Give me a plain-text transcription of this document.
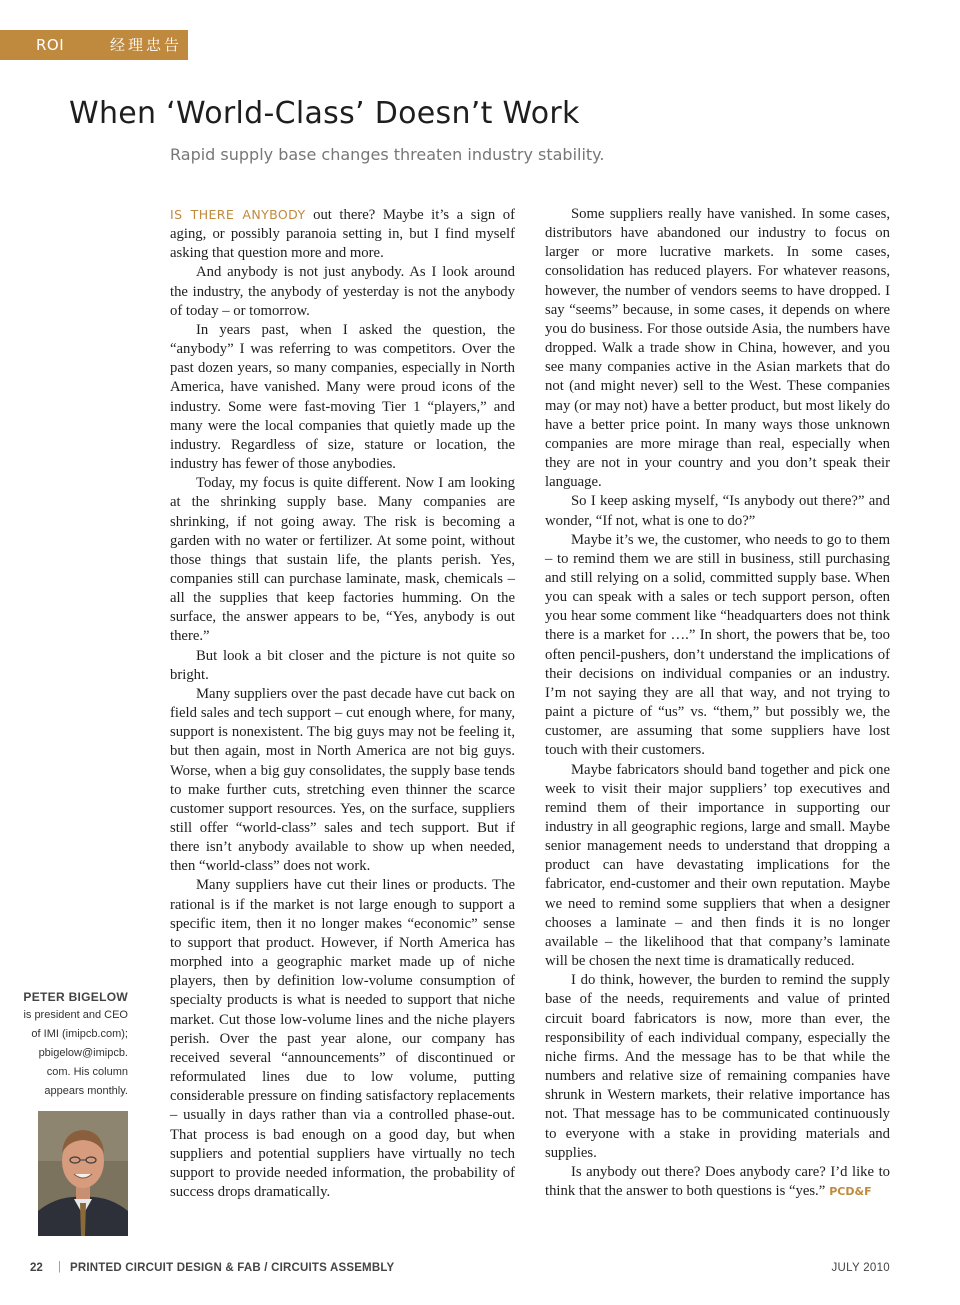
ROI	经理忠告
When ‘World-Class’ Doesn’t Work

Rapid supply base changes threaten industry stability.

IS THERE ANYBODY out there? Maybe it’s a sign of aging, or possibly paranoia setting in, but I find myself asking that question more and more.

And anybody is not just anybody. As I look around the industry, the anybody of yesterday is not the anybody of today – or tomorrow.

In years past, when I asked the question, the “anybody” I was referring to was competitors. Over the past dozen years, so many companies, especially in North America, have vanished. Many were proud icons of the industry. Some were fast-moving Tier 1 “players,” and many were the local companies that quietly made up the industry. Regardless of size, stature or location, the industry has fewer of those anybodies.

Today, my focus is quite different. Now I am looking at the shrinking supply base. Many companies are shrinking, if not going away. The risk is becoming a garden with no water or fertilizer. At some point, without those things that sustain life, the plants perish. Yes, companies still can purchase laminate, mask, chemicals – all the supplies that keep factories humming. On the surface, the answer appears to be, “Yes, anybody is out there.”

But look a bit closer and the picture is not quite so bright.

Many suppliers over the past decade have cut back on field sales and tech support – cut enough where, for many, support is nonexistent. The big guys may not be feeling it, but then again, most in North America are not big guys. Worse, when a big guy consolidates, the supply base tends to make further cuts, stretching even thinner the scarce customer support resources. Yes, on the surface, suppliers still offer “world-class” sales and tech support. But if there isn’t anybody available to show up when needed, then “world-class” does not work.

Many suppliers have cut their lines or products. The rational is if the market is not large enough to support a specific item, then it no longer makes “economic” sense to support that product. However, if North America has morphed into a geographic market made up of niche players, then by definition low-volume consumption of specialty products is what is needed to support that niche market. Cut those low-volume lines and the niche players perish. Over the past year alone, our company has received several “announcements” of discontinued or reformulated lines due to low volume, putting considerable pressure on finding satisfactory replacements – usually in days rather than via a controlled phase-out. That process is bad enough on a good day, but when suppliers and potential suppliers have virtually no tech support to provide needed information, the probability of success drops dramatically.

Some suppliers really have vanished. In some cases, distributors have abandoned our industry to focus on larger or more lucrative markets. In some cases, consolidation has reduced players. For whatever reasons, however, the number of vendors seems to have dropped. I say “seems” because, in some cases, it depends on where you do business. For those outside Asia, the numbers have dropped. Walk a trade show in China, however, and you see many companies active in the Asian markets that do not (and might never) sell to the West. These companies may (or may not) have a better product, but most likely do have a better price point. In many ways those unknown companies are more mirage than real, especially when they are not in your country and you don’t speak their language.

So I keep asking myself, “Is anybody out there?” and wonder, “If not, what is one to do?”

Maybe it’s we, the customer, who needs to go to them – to remind them we are still in business, still purchasing and still relying on a solid, committed supply base. When you can speak with a sales or tech support person, often you hear some comment like “headquarters does not think there is a market for ….” In short, the powers that be, too often pencil-pushers, don’t understand the implications of their decisions on individual companies or an industry. I’m not saying they are all that way, and not trying to paint a picture of “us” vs. “them,” but possibly we, the customer, are assuming that some suppliers have lost touch with their customers.

Maybe fabricators should band together and pick one week to visit their major suppliers’ top executives and remind them of their importance in supporting our industry in all geographic regions, large and small. Maybe senior management needs to understand that dropping a product can have devastating implications for the fabricator, end-customer and their own reputation. Maybe we need to remind some suppliers that when a designer chooses a laminate – and then finds it is no longer available – the likelihood that that company’s laminate will be chosen the next time is dramatically reduced.

I do think, however, the burden to remind the supply base of the needs, requirements and value of printed circuit board fabricators is now, more than ever, the responsibility of each individual company, especially the niche firms. And the message has to be that while the numbers and relative size of remaining companies have shrunk in Western markets, their relative importance has not. That message has to be communicated continuously to everyone with a stake in providing materials and supplies.

Is anybody out there? Does anybody care? I’d like to think that the answer to both questions is “yes.” PCD&F

PETER BIGELOW
is president and CEO
of IMI (imipcb.com);
pbigelow@imipcb.
com. His column
appears monthly.
22 | PRINTED CIRCUIT DESIGN & FAB / CIRCUITS ASSEMBLY	JULY 2010
